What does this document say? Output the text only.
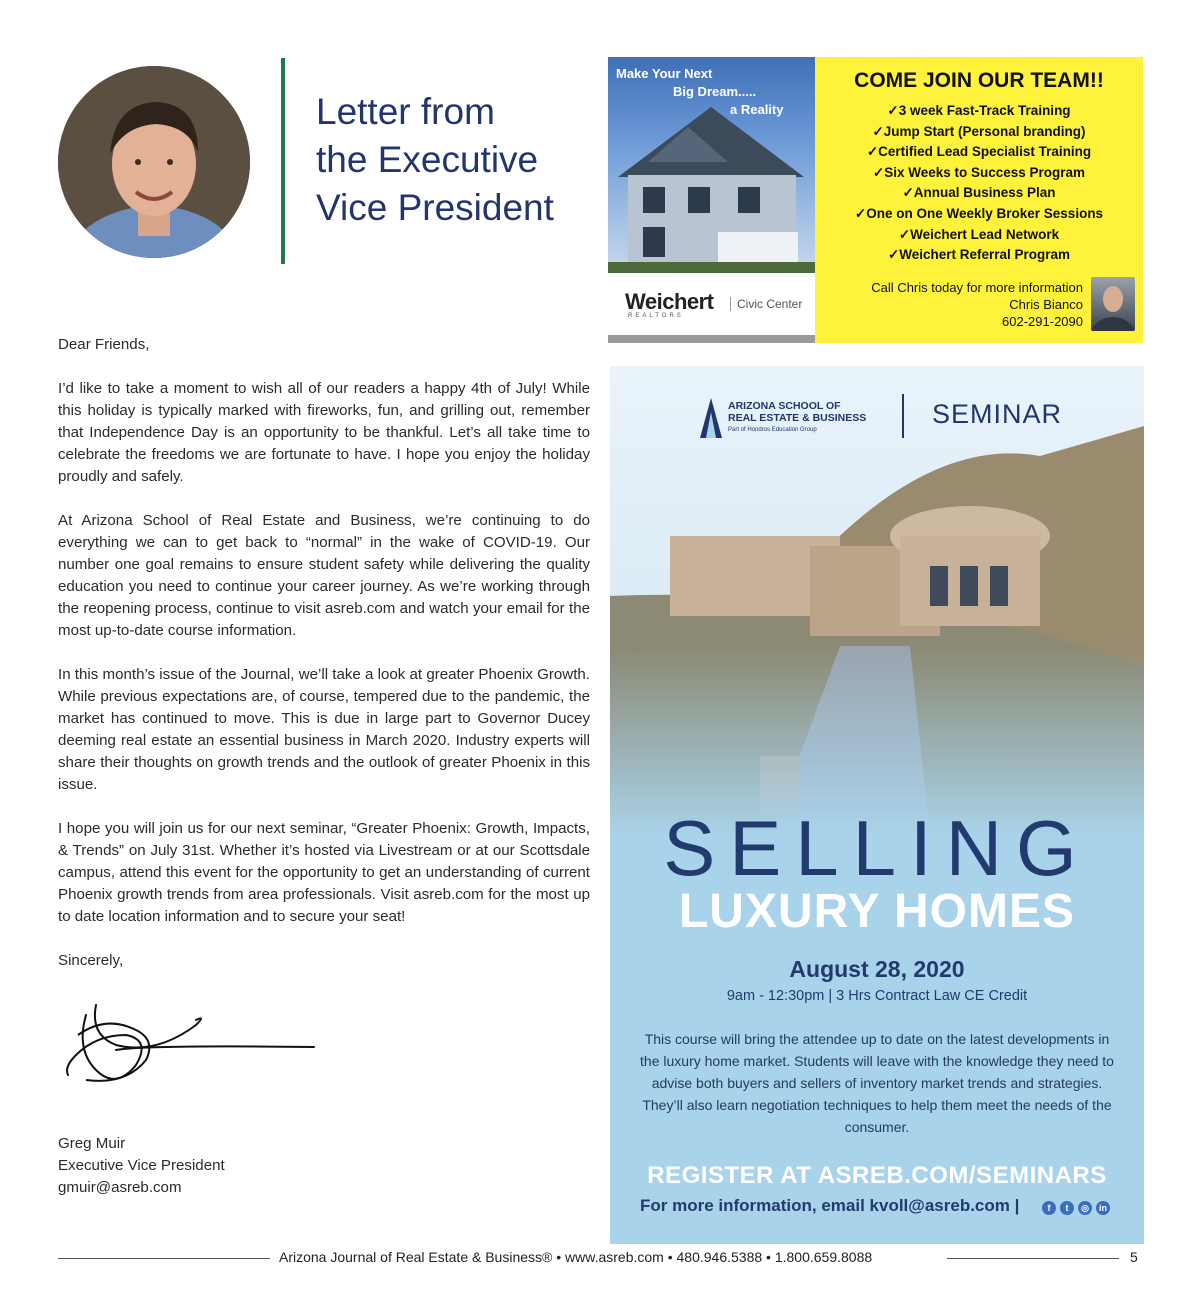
Letter from
the Executive
Vice President

Dear Friends,

I’d like to take a moment to wish all of our readers a happy 4th of July! While this holiday is typically marked with fireworks, fun, and grilling out, remember that Independence Day is an opportunity to be thankful. Let’s all take time to celebrate the freedoms we are fortunate to have. I hope you enjoy the holiday proudly and safely.

At Arizona School of Real Estate and Business, we’re continuing to do everything we can to get back to “normal” in the wake of COVID-19. Our number one goal remains to ensure student safety while delivering the quality education you need to continue your career journey. As we’re working through the reopening process, continue to visit asreb.com and watch your email for the most up-to-date course information.

In this month’s issue of the Journal, we’ll take a look at greater Phoenix Growth. While previous expectations are, of course, tempered due to the pandemic, the market has continued to move. This is due in large part to Governor Ducey deeming real estate an essential business in March 2020. Industry experts will share their thoughts on growth trends and the outlook of greater Phoenix in this issue.

I hope you will join us for our next seminar, “Greater Phoenix: Growth, Impacts, & Trends” on July 31st. Whether it’s hosted via Livestream or at our Scottsdale campus, attend this event for the opportunity to get an understanding of current Phoenix growth trends from area professionals. Visit asreb.com for the most up to date location information and to secure your seat!

Sincerely,

Greg Muir
Executive Vice President
gmuir@asreb.com
Make Your Next
Big Dream.....
a Reality
COME JOIN OUR TEAM!!
✓3 week Fast-Track Training
✓Jump Start (Personal branding)
✓Certified Lead Specialist Training
✓Six Weeks to Success Program
✓Annual Business Plan
✓One on One Weekly Broker Sessions
✓Weichert Lead Network
✓Weichert Referral Program
Call Chris today for more information
Chris Bianco
602-291-2090
Weichert
REALTORS
Civic Center
ARIZONA SCHOOL OF
REAL ESTATE & BUSINESS
Part of Hondros Education Group
SEMINAR
SELLING
LUXURY HOMES
August 28, 2020
9am - 12:30pm | 3 Hrs Contract Law CE Credit
This course will bring the attendee up to date on the latest developments in the luxury home market. Students will leave with the knowledge they need to advise both buyers and sellers of inventory market trends and strategies. They’ll also learn negotiation techniques to help them meet the needs of the consumer.
REGISTER AT ASREB.COM/SEMINARS
For more information, email kvoll@asreb.com |	f t ◎ in
Arizona Journal of Real Estate & Business® • www.asreb.com • 480.946.5388 • 1.800.659.8088	5
